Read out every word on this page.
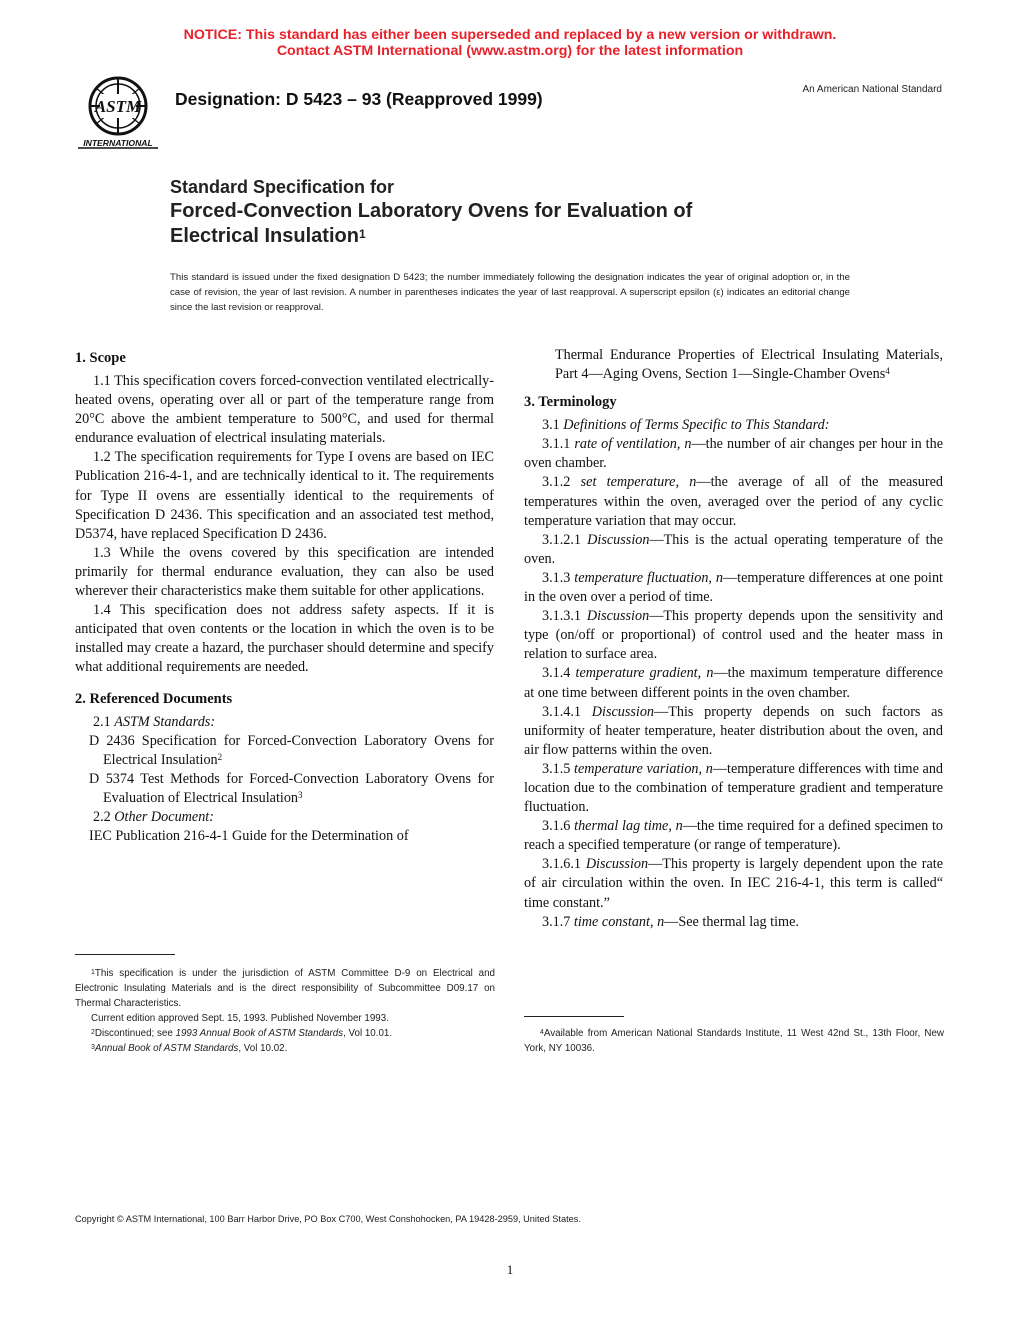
NOTICE: This standard has either been superseded and replaced by a new version or withdrawn.
Contact ASTM International (www.astm.org) for the latest information
ASTM
INTERNATIONAL
Designation: D 5423 – 93 (Reapproved 1999)	An American National Standard
Standard Specification for
Forced-Convection Laboratory Ovens for Evaluation of
Electrical Insulation$^1$
This standard is issued under the fixed designation D 5423; the number immediately following the designation indicates the year of original adoption or, in the case of revision, the year of last revision. A number in parentheses indicates the year of last reapproval. A superscript epsilon (ε) indicates an editorial change since the last revision or reapproval.
1. Scope

1.1 This specification covers forced-convection ventilated electrically-heated ovens, operating over all or part of the temperature range from 20°C above the ambient temperature to 500°C, and used for thermal endurance evaluation of electrical insulating materials.

1.2 The specification requirements for Type I ovens are based on IEC Publication 216-4-1, and are technically identical to it. The requirements for Type II ovens are essentially identical to the requirements of Specification D 2436. This specification and an associated test method, D5374, have replaced Specification D 2436.

1.3 While the ovens covered by this specification are intended primarily for thermal endurance evaluation, they can also be used wherever their characteristics make them suitable for other applications.

1.4 This specification does not address safety aspects. If it is anticipated that oven contents or the location in which the oven is to be installed may create a hazard, the purchaser should determine and specify what additional requirements are needed.

2. Referenced Documents

2.1 ASTM Standards:

D 2436 Specification for Forced-Convection Laboratory Ovens for Electrical Insulation$^2$

D 5374 Test Methods for Forced-Convection Laboratory Ovens for Evaluation of Electrical Insulation$^3$

2.2 Other Document:

IEC Publication 216-4-1 Guide for the Determination of

$^1$This specification is under the jurisdiction of ASTM Committee D-9 on Electrical and Electronic Insulating Materials and is the direct responsibility of Subcommittee D09.17 on Thermal Characteristics.

Current edition approved Sept. 15, 1993. Published November 1993.

$^2$Discontinued; see 1993 Annual Book of ASTM Standards, Vol 10.01.

$^3$Annual Book of ASTM Standards, Vol 10.02.

Thermal Endurance Properties of Electrical Insulating Materials, Part 4—Aging Ovens, Section 1—Single-Chamber Ovens$^4$

3. Terminology

3.1 Definitions of Terms Specific to This Standard:

3.1.1 rate of ventilation, n—the number of air changes per hour in the oven chamber.

3.1.2 set temperature, n—the average of all of the measured temperatures within the oven, averaged over the period of any cyclic temperature variation that may occur.

3.1.2.1 Discussion—This is the actual operating temperature of the oven.

3.1.3 temperature fluctuation, n—temperature differences at one point in the oven over a period of time.

3.1.3.1 Discussion—This property depends upon the sensitivity and type (on/off or proportional) of control used and the heater mass in relation to surface area.

3.1.4 temperature gradient, n—the maximum temperature difference at one time between different points in the oven chamber.

3.1.4.1 Discussion—This property depends on such factors as uniformity of heater temperature, heater distribution about the oven, and air flow patterns within the oven.

3.1.5 temperature variation, n—temperature differences with time and location due to the combination of temperature gradient and temperature fluctuation.

3.1.6 thermal lag time, n—the time required for a defined specimen to reach a specified temperature (or range of temperature).

3.1.6.1 Discussion—This property is largely dependent upon the rate of air circulation within the oven. In IEC 216-4-1, this term is called“ time constant.”

3.1.7 time constant, n—See thermal lag time.

$^4$Available from American National Standards Institute, 11 West 42nd St., 13th Floor, New York, NY 10036.

Copyright © ASTM International, 100 Barr Harbor Drive, PO Box C700, West Conshohocken, PA 19428-2959, United States.
1
